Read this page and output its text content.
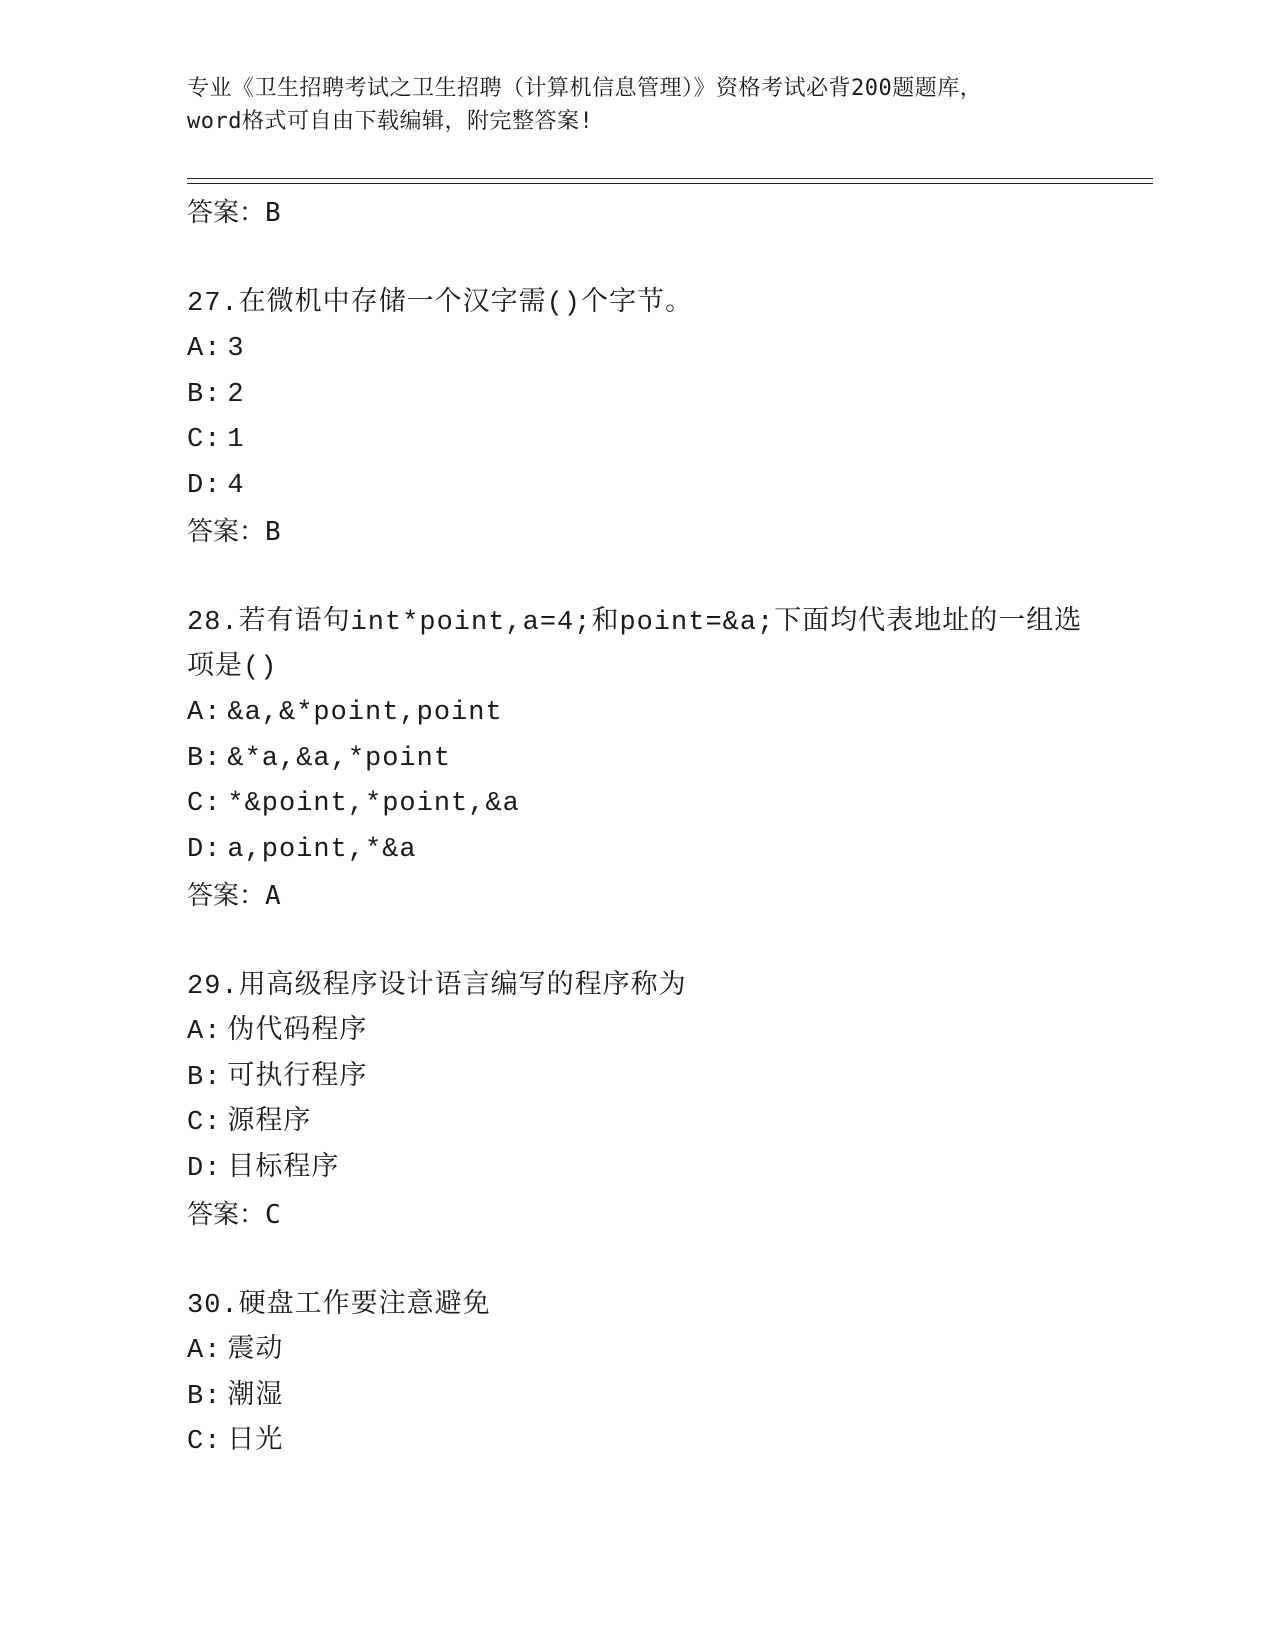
专业《卫生招聘考试之卫生招聘（计算机信息管理）》资格考试必背200题题库，
word格式可自由下载编辑，附完整答案!
答案：B
27.在微机中存储一个汉字需()个字节。
A: 3
B: 2
C: 1
D: 4
答案：B
28.若有语句int*point,a=4;和point=&a;下面均代表地址的一组选项是()
A: &a,&*point,point
B: &*a,&a,*point
C: *&point,*point,&a
D: a,point,*&a
答案：A
29.用高级程序设计语言编写的程序称为
A: 伪代码程序
B: 可执行程序
C: 源程序
D: 目标程序
答案：C
30.硬盘工作要注意避免
A: 震动
B: 潮湿
C: 日光
